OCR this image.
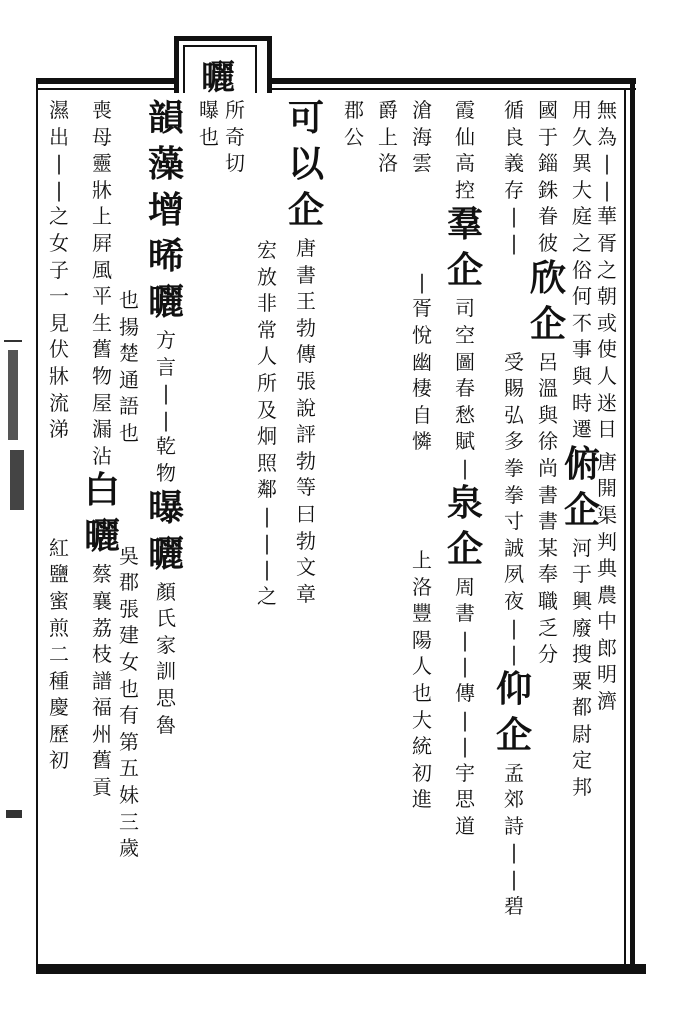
曬
無
為
|
|
華
胥
之
朝
或
使
人
迷
日
唐
開
渠
判
典
農
中
郎
明
濟
用
久
異
大
庭
之
俗
何
不
事
與
時
遷
俯
企
河
于
興
廢
搜
粟
都
尉
定
邦
國
于
錙
銖
眷
彼
欣
企
呂
溫
與
徐
尚
書
書
某
奉
職
乏
分
循
良
義
存
|
|
受
賜
弘
多
拳
拳
寸
誠
夙
夜
|
|
仰
企
孟
郊
詩
|
|
碧
霞
仙
高
控
羣
企
司
空
圖
春
愁
賦
|
泉
企
周
書
|
|
傳
|
|
宇
思
道
滄
海
雲
|
胥
悅
幽
棲
自
憐
上
洛
豐
陽
人
也
大
統
初
進
爵
上
洛
郡
公
可
以
企
唐
書
王
勃
傳
張
說
評
勃
等
曰
勃
文
章
宏
放
非
常
人
所
及
炯
照
鄰
|
|
|
之
所
奇
切
曝
也
韻
藻
增
晞
曬
方
言
|
|
乾
物
曝
曬
顏
氏
家
訓
思
魯
也
揚
楚
通
語
也
吳
郡
張
建
女
也
有
第
五
妹
三
歲
喪
母
靈
牀
上
屛
風
平
生
舊
物
屋
漏
沾
白
曬
蔡
襄
荔
枝
譜
福
州
舊
貢
濕
出
|
|
之
女
子
一
見
伏
牀
流
涕
紅
鹽
蜜
煎
二
種
慶
歷
初
